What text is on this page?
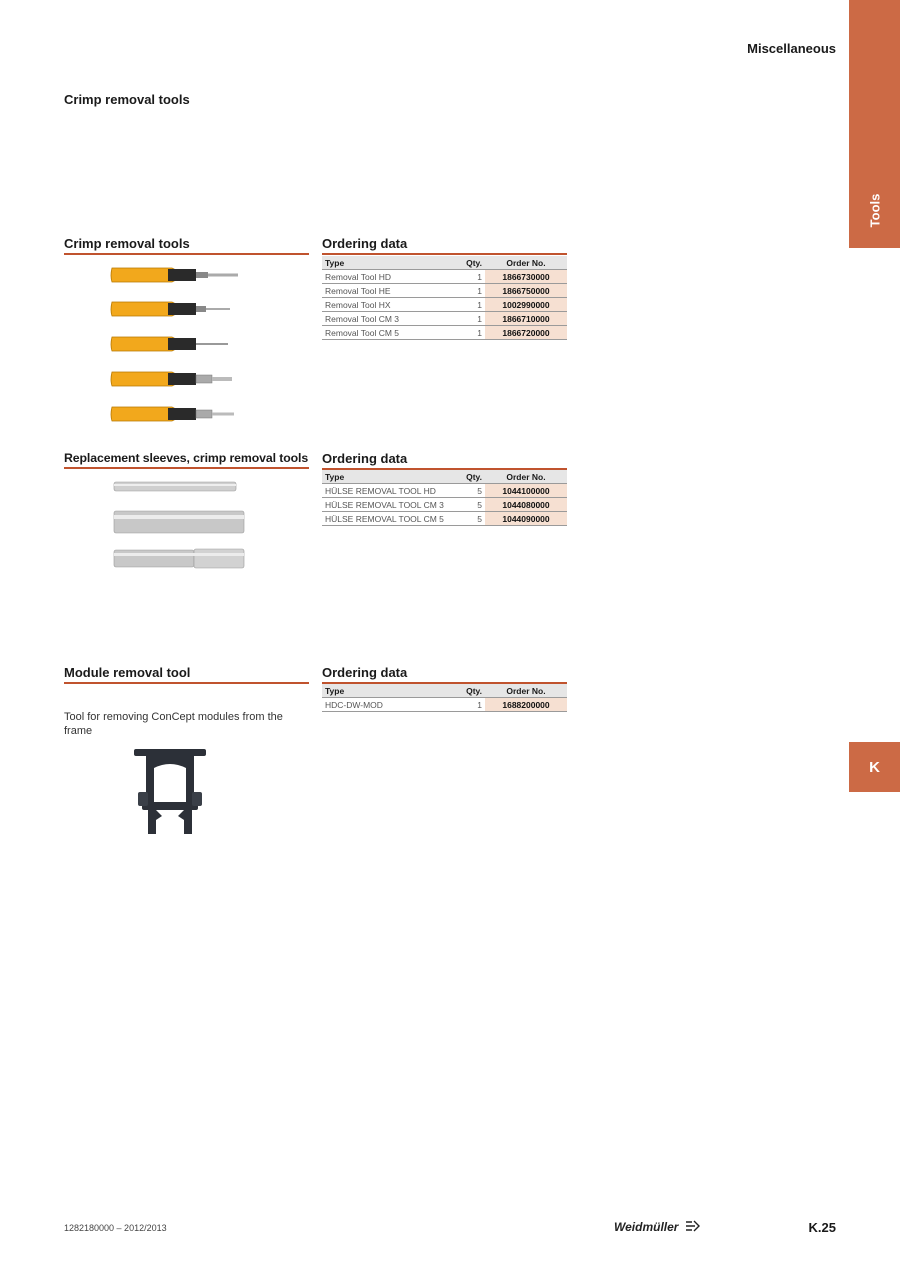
Miscellaneous
Crimp removal tools
Tools
K
Crimp removal tools	Ordering data
Type	Qty.	Order No.
Removal Tool HD	1	1866730000
Removal Tool HE	1	1866750000
Removal Tool HX	1	1002990000
Removal Tool CM 3	1	1866710000
Removal Tool CM 5	1	1866720000
Replacement sleeves, crimp removal tools Ordering data
Type	Qty.	Order No.
HÜLSE REMOVAL TOOL HD	5	1044100000
HÜLSE REMOVAL TOOL CM 3	5	1044080000
HÜLSE REMOVAL TOOL CM 5	5	1044090000
Module removal tool
Tool for removing ConCept modules from the frame
Ordering data
Type	Qty.	Order No.
HDC-DW-MOD	1	1688200000
1282180000 – 2012/2013	Weidmüller	K.25
